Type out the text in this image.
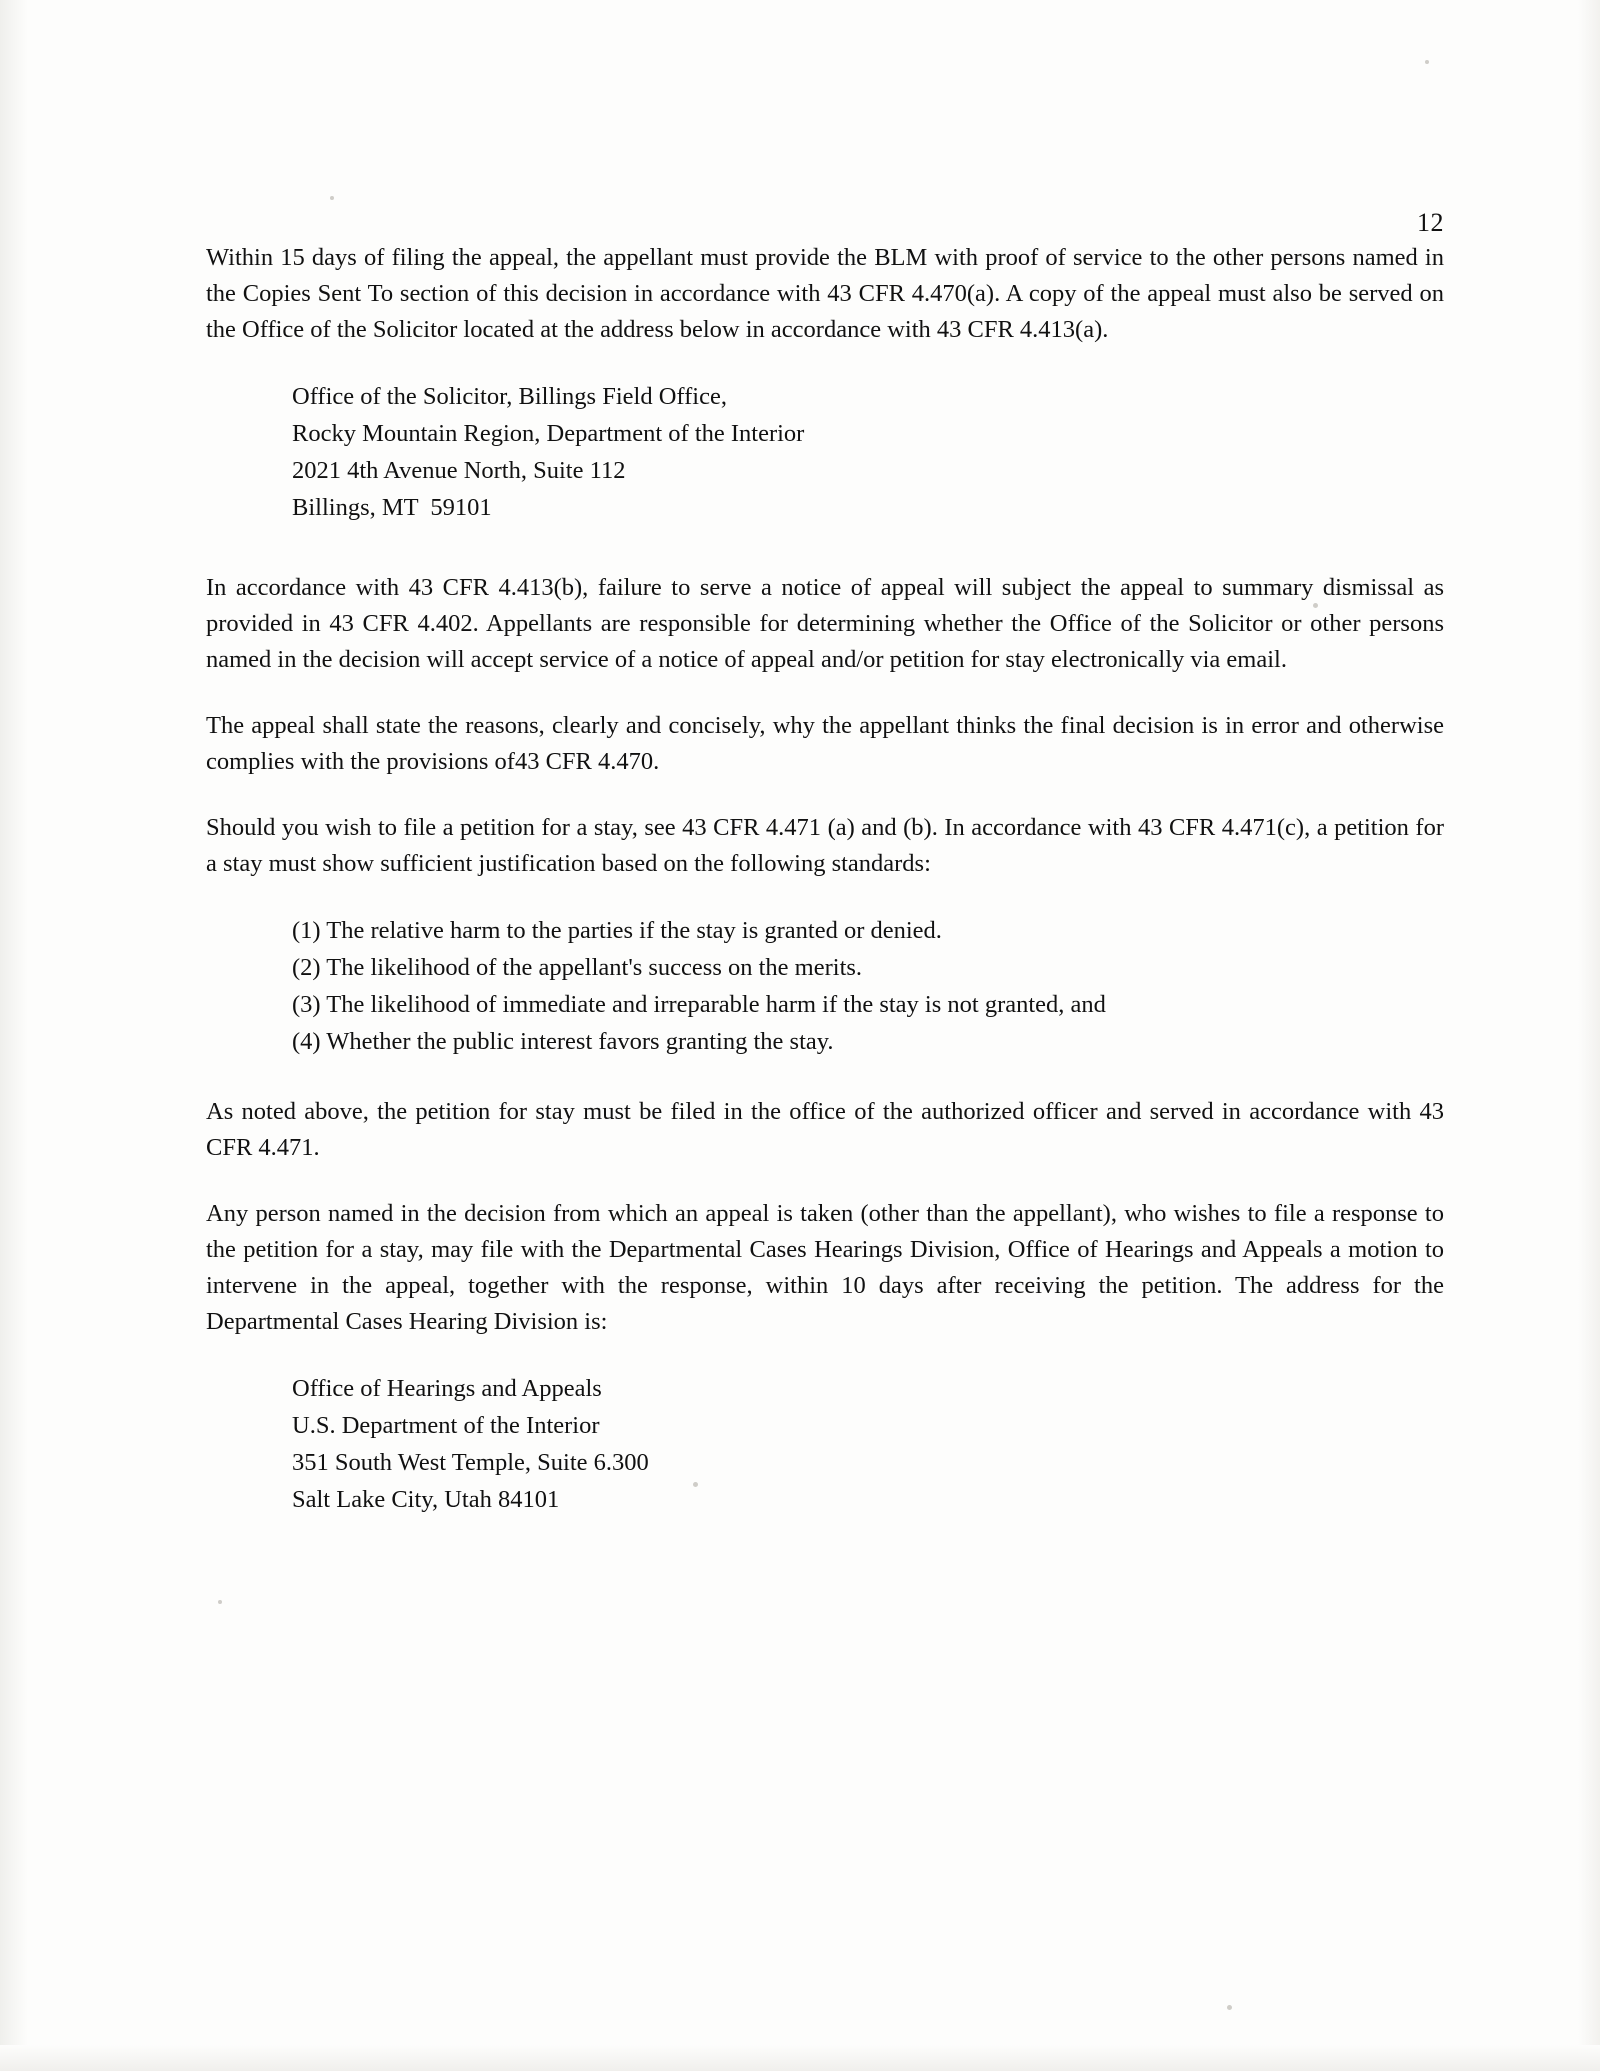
12

Within 15 days of filing the appeal, the appellant must provide the BLM with proof of service to the other persons named in the Copies Sent To section of this decision in accordance with 43 CFR 4.470(a). A copy of the appeal must also be served on the Office of the Solicitor located at the address below in accordance with 43 CFR 4.413(a).

Office of the Solicitor, Billings Field Office,
Rocky Mountain Region, Department of the Interior
2021 4th Avenue North, Suite 112
Billings, MT  59101

In accordance with 43 CFR 4.413(b), failure to serve a notice of appeal will subject the appeal to summary dismissal as provided in 43 CFR 4.402. Appellants are responsible for determining whether the Office of the Solicitor or other persons named in the decision will accept service of a notice of appeal and/or petition for stay electronically via email.

The appeal shall state the reasons, clearly and concisely, why the appellant thinks the final decision is in error and otherwise complies with the provisions of43 CFR 4.470.

Should you wish to file a petition for a stay, see 43 CFR 4.471 (a) and (b). In accordance with 43 CFR 4.471(c), a petition for a stay must show sufficient justification based on the following standards:

(1) The relative harm to the parties if the stay is granted or denied.
(2) The likelihood of the appellant's success on the merits.
(3) The likelihood of immediate and irreparable harm if the stay is not granted, and
(4) Whether the public interest favors granting the stay.

As noted above, the petition for stay must be filed in the office of the authorized officer and served in accordance with 43 CFR 4.471.

Any person named in the decision from which an appeal is taken (other than the appellant), who wishes to file a response to the petition for a stay, may file with the Departmental Cases Hearings Division, Office of Hearings and Appeals a motion to intervene in the appeal, together with the response, within 10 days after receiving the petition. The address for the Departmental Cases Hearing Division is:

Office of Hearings and Appeals
U.S. Department of the Interior
351 South West Temple, Suite 6.300
Salt Lake City, Utah 84101
